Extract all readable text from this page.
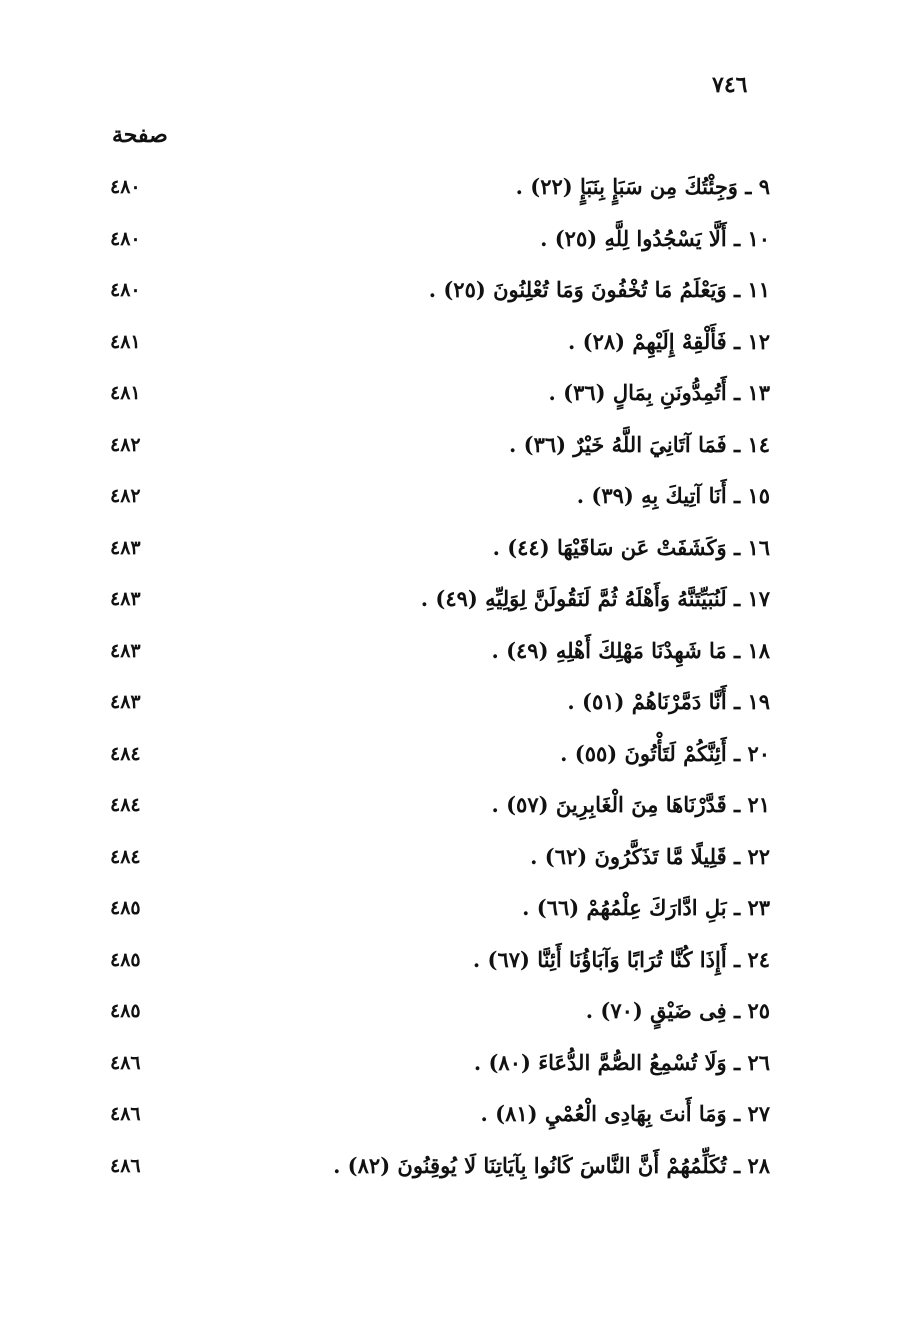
٧٤٦
صفحة
٩ ـ وَجِئْتُكَ مِن سَبَإٍ بِنَبَإٍ (٢٢) .
٤٨٠
١٠ ـ أَلَّا يَسْجُدُوا لِلَّهِ (٢٥) .
٤٨٠
١١ ـ وَيَعْلَمُ مَا تُخْفُونَ وَمَا تُعْلِنُونَ (٢٥) .
٤٨٠
١٢ ـ فَأَلْقِهْ إِلَيْهِمْ (٢٨) .
٤٨١
١٣ ـ أَتُمِدُّونَنِ بِمَالٍ (٣٦) .
٤٨١
١٤ ـ فَمَا آتَانِيَ اللَّهُ خَيْرٌ (٣٦) .
٤٨٢
١٥ ـ أَنَا آتِيكَ بِهِ (٣٩) .
٤٨٢
١٦ ـ وَكَشَفَتْ عَن سَاقَيْهَا (٤٤) .
٤٨٣
١٧ ـ لَنُبَيِّتَنَّهُ وَأَهْلَهُ ثُمَّ لَنَقُولَنَّ لِوَلِيِّهِ (٤٩) .
٤٨٣
١٨ ـ مَا شَهِدْنَا مَهْلِكَ أَهْلِهِ (٤٩) .
٤٨٣
١٩ ـ أَنَّا دَمَّرْنَاهُمْ (٥١) .
٤٨٣
٢٠ ـ أَئِنَّكُمْ لَتَأْتُونَ (٥٥) .
٤٨٤
٢١ ـ قَدَّرْنَاهَا مِنَ الْغَابِرِينَ (٥٧) .
٤٨٤
٢٢ ـ قَلِيلًا مَّا تَذَكَّرُونَ (٦٢) .
٤٨٤
٢٣ ـ بَلِ ادَّارَكَ عِلْمُهُمْ (٦٦) .
٤٨٥
٢٤ ـ أَإِذَا كُنَّا تُرَابًا وَآبَاؤُنَا أَئِنَّا (٦٧) .
٤٨٥
٢٥ ـ فِى ضَيْقٍ (٧٠) .
٤٨٥
٢٦ ـ وَلَا تُسْمِعُ الصُّمَّ الدُّعَاءَ (٨٠) .
٤٨٦
٢٧ ـ وَمَا أَنتَ بِهَادِى الْعُمْيِ (٨١) .
٤٨٦
٢٨ ـ تُكَلِّمُهُمْ أَنَّ النَّاسَ كَانُوا بِآيَاتِنَا لَا يُوقِنُونَ (٨٢) .
٤٨٦
